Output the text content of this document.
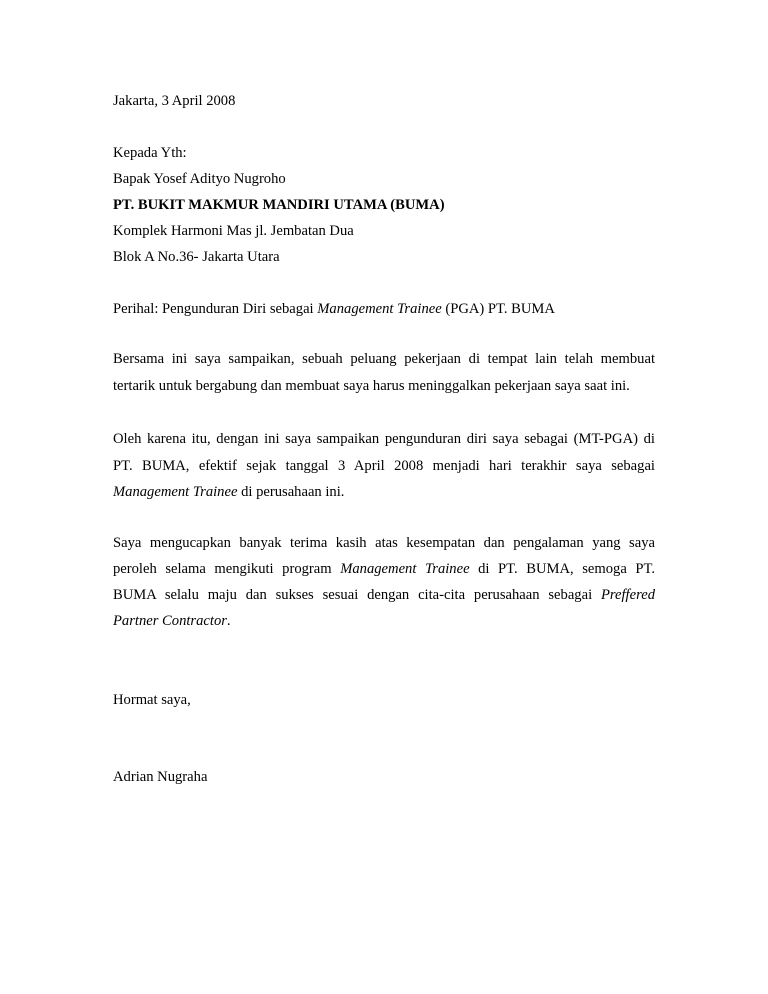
Jakarta, 3 April 2008
Kepada Yth:
Bapak Yosef Adityo Nugroho
PT. BUKIT MAKMUR MANDIRI UTAMA (BUMA)
Komplek Harmoni Mas jl. Jembatan Dua
Blok A No.36- Jakarta Utara
Perihal: Pengunduran Diri sebagai Management Trainee (PGA) PT. BUMA
Bersama ini saya sampaikan, sebuah peluang pekerjaan di tempat lain telah membuat
tertarik untuk bergabung dan membuat saya harus meninggalkan pekerjaan saya saat ini.
Oleh karena itu, dengan ini saya sampaikan pengunduran diri saya sebagai (MT-PGA) di
PT. BUMA, efektif sejak tanggal 3 April 2008 menjadi hari terakhir saya sebagai
Management Trainee di perusahaan ini.
Saya mengucapkan banyak terima kasih atas kesempatan dan pengalaman yang saya
peroleh selama mengikuti program Management Trainee di PT. BUMA, semoga PT.
BUMA selalu maju dan sukses sesuai dengan cita-cita perusahaan sebagai Preffered
Partner Contractor.
Hormat saya,
Adrian Nugraha
